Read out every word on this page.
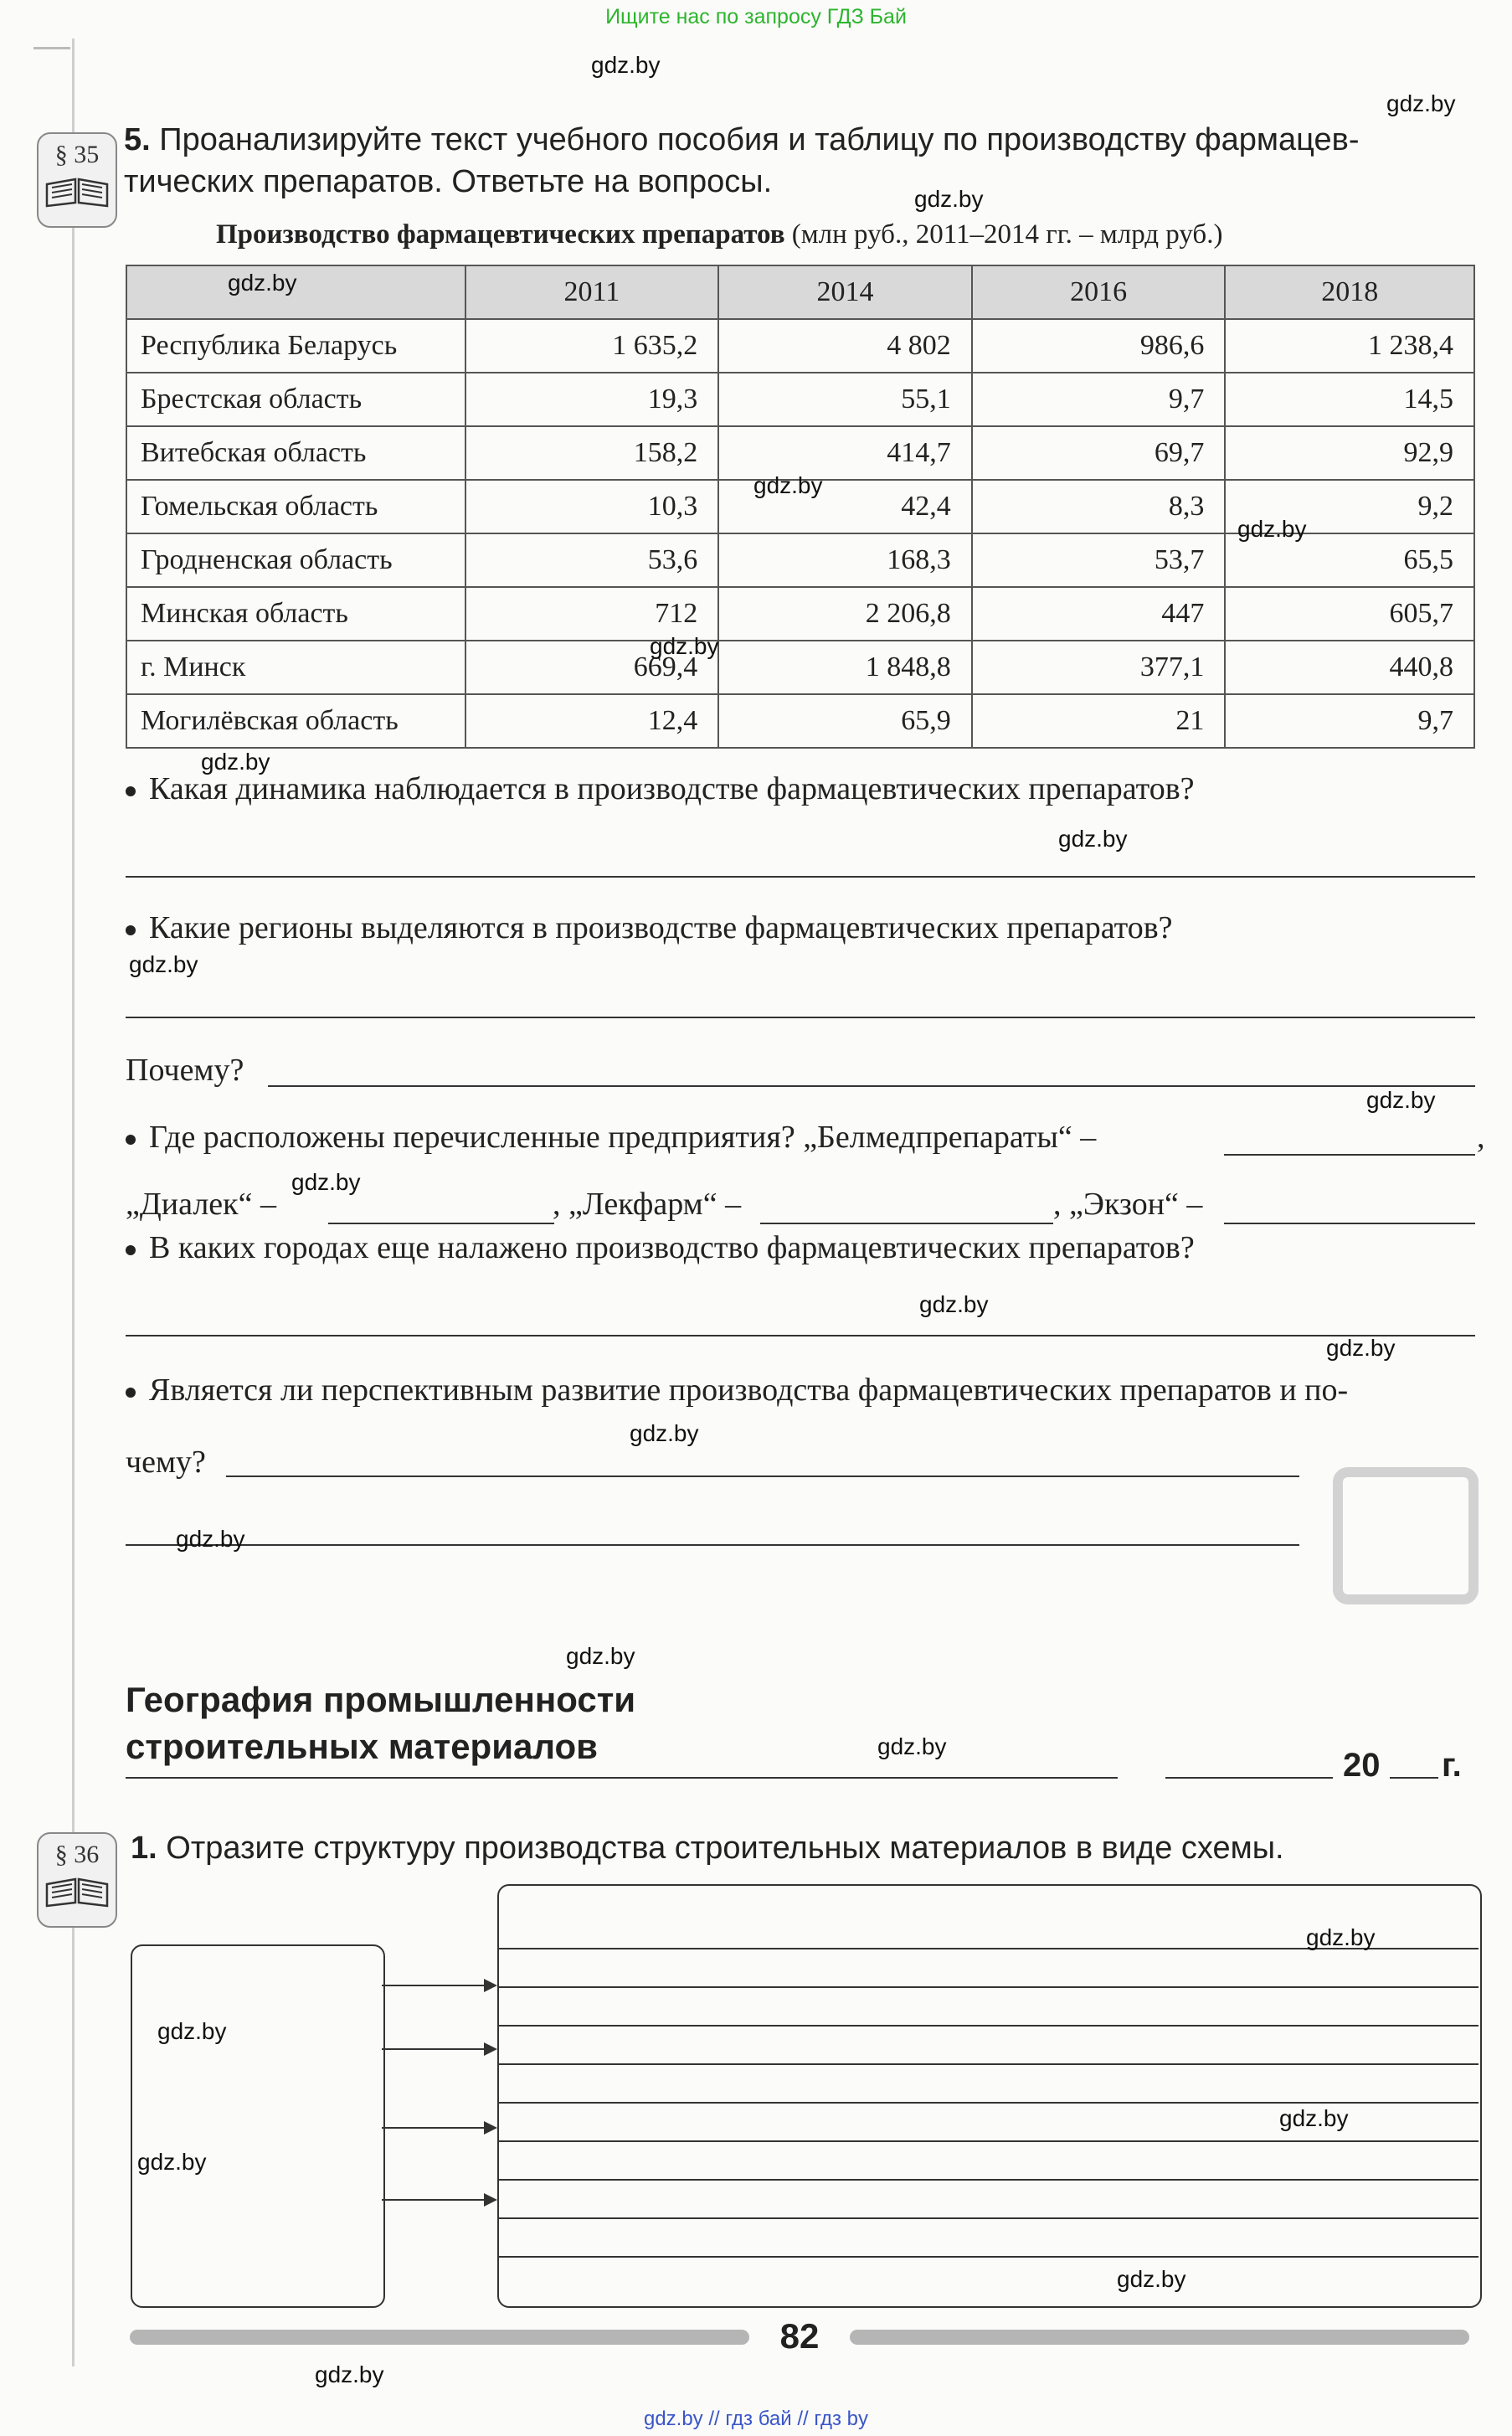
Ищите нас по запросу ГДЗ Бай
§ 35 5. Проанализируйте текст учебного пособия и таблицу по производству фармацев-
тических препаратов. Ответьте на вопросы.
Производство фармацевтических препаратов (млн руб., 2011–2014 гг. – млрд руб.)
	2011	2014	2016	2018
Республика Беларусь	1 635,2	4 802	986,6	1 238,4
Брестская область	19,3	55,1	9,7	14,5
Витебская область	158,2	414,7	69,7	92,9
Гомельская область	10,3	42,4	8,3	9,2
Гродненская область	53,6	168,3	53,7	65,5
Минская область	712	2 206,8	447	605,7
г. Минск	669,4	1 848,8	377,1	440,8
Могилёвская область	12,4	65,9	21	9,7
Какая динамика наблюдается в производстве фармацевтических препаратов?
Какие регионы выделяются в производстве фармацевтических препаратов?
Почему?
Где расположены перечисленные предприятия? „Белмедпрепараты“ –	,
„Диалек“ –	, „Лекфарм“ –	, „Экзон“ –
В каких городах еще налажено производство фармацевтических препаратов?
Является ли перспективным развитие производства фармацевтических препаратов и по-
чему?
География промышленности
строительных материалов	20 г.
§ 36 1. Отразите структуру производства строительных материалов в виде схемы.
82
gdz.by // гдз бай // гдз by
gdz.by
gdz.by
gdz.by
gdz.by
gdz.by
gdz.by
gdz.by
gdz.by
gdz.by
gdz.by
gdz.by
gdz.by
gdz.by
gdz.by
gdz.by
gdz.by
gdz.by
gdz.by
gdz.by
gdz.by
gdz.by
gdz.by
gdz.by
gdz.by
